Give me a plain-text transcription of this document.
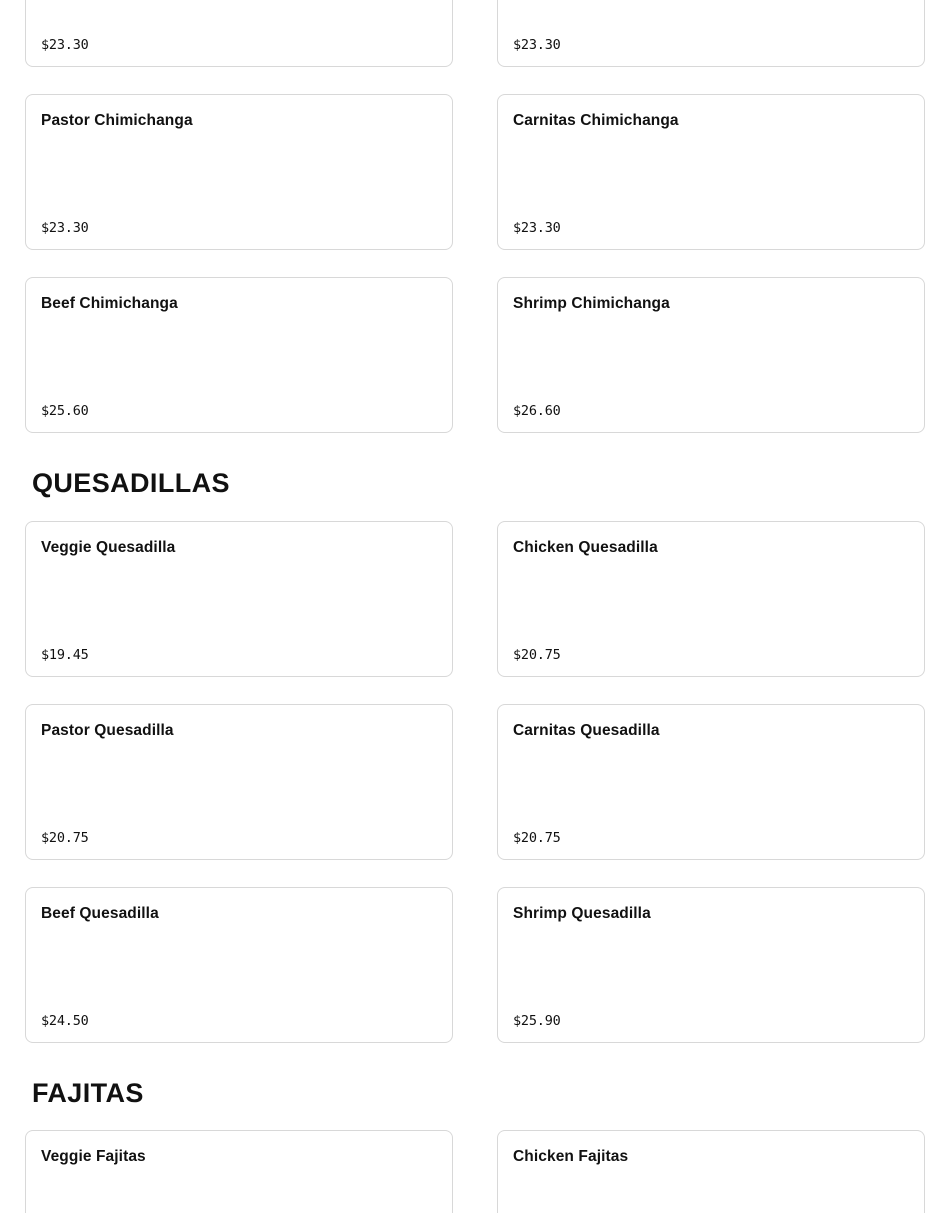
$23.30	$23.30
Pastor Chimichanga
$23.30
Carnitas Chimichanga
$23.30
Beef Chimichanga
$25.60
Shrimp Chimichanga
$26.60
QUESADILLAS
Veggie Quesadilla
$19.45
Chicken Quesadilla
$20.75
Pastor Quesadilla
$20.75
Carnitas Quesadilla
$20.75
Beef Quesadilla
$24.50
Shrimp Quesadilla
$25.90
FAJITAS
Veggie Fajitas	Chicken Fajitas
